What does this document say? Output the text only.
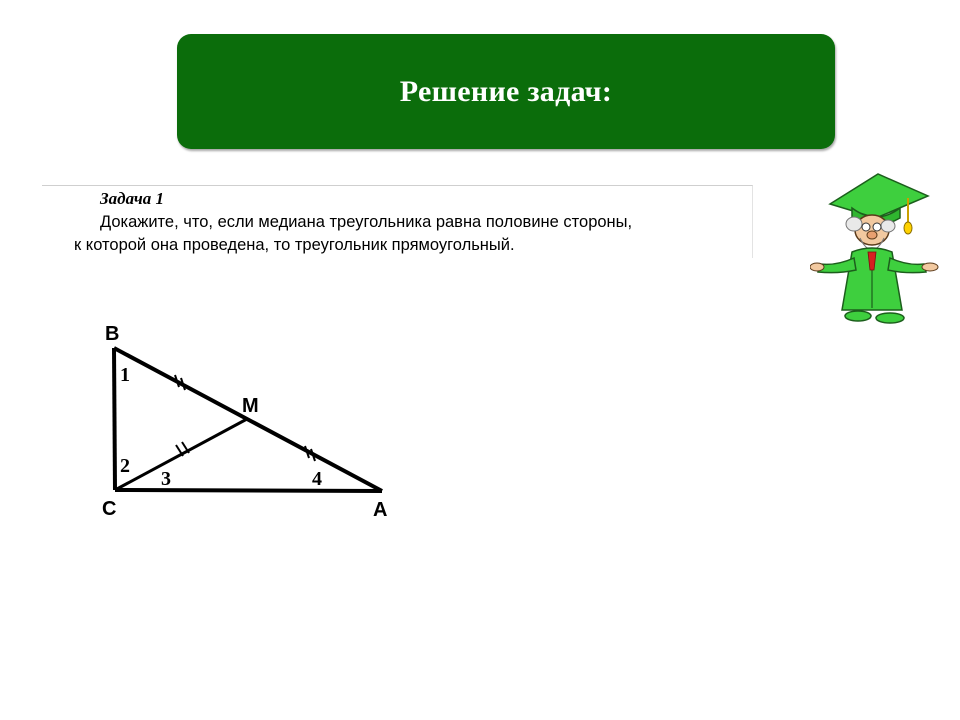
Решение задач:
Задача 1
Докажите, что, если медиана треугольника равна половине стороны,
к которой она проведена, то треугольник прямоугольный.
B
C	A
M
1
2
3	4
